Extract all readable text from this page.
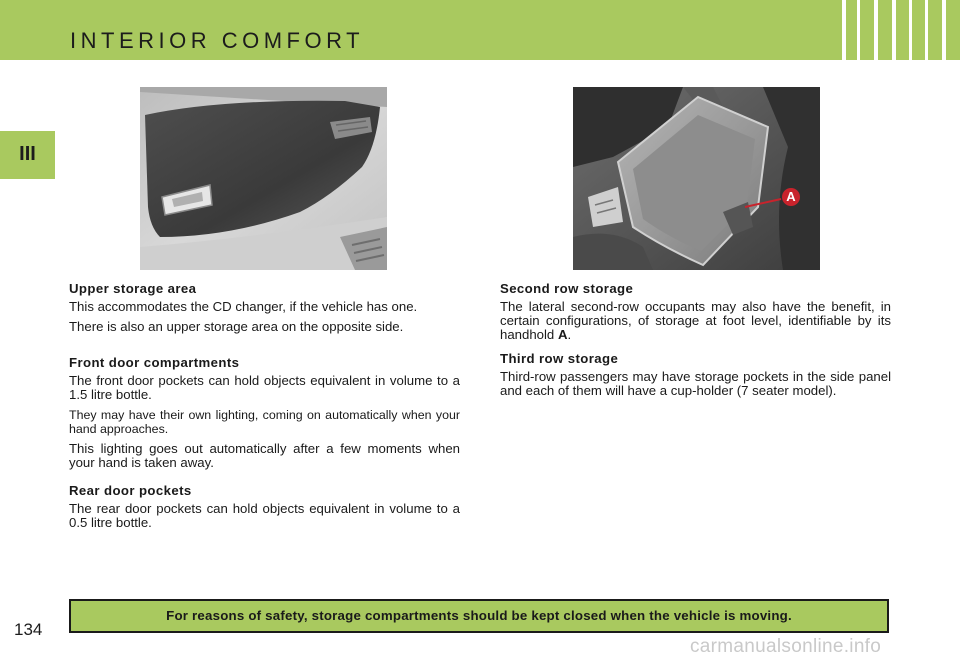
INTERIOR COMFORT
III
A
Upper storage area

This accommodates the CD changer, if the vehicle has one.

There is also an upper storage area on the opposite side.

Front door compartments

The front door pockets can hold objects equivalent in volume to a 1.5 litre bottle.

They may have their own lighting, coming on automatically when your hand approaches.

This lighting goes out automatically after a few moments when your hand is taken away.

Rear door pockets

The rear door pockets can hold objects equivalent in volume to a 0.5 litre bottle.

Second row storage

The lateral second-row occupants may also have the benefit, in certain configurations, of storage at foot level, identifiable by its handhold A.

Third row storage

Third-row passengers may have storage pockets in the side panel and each of them will have a cup-holder (7 seater model).

For reasons of safety, storage compartments should be kept closed when the vehicle is moving.
134
carmanualsonline.info
